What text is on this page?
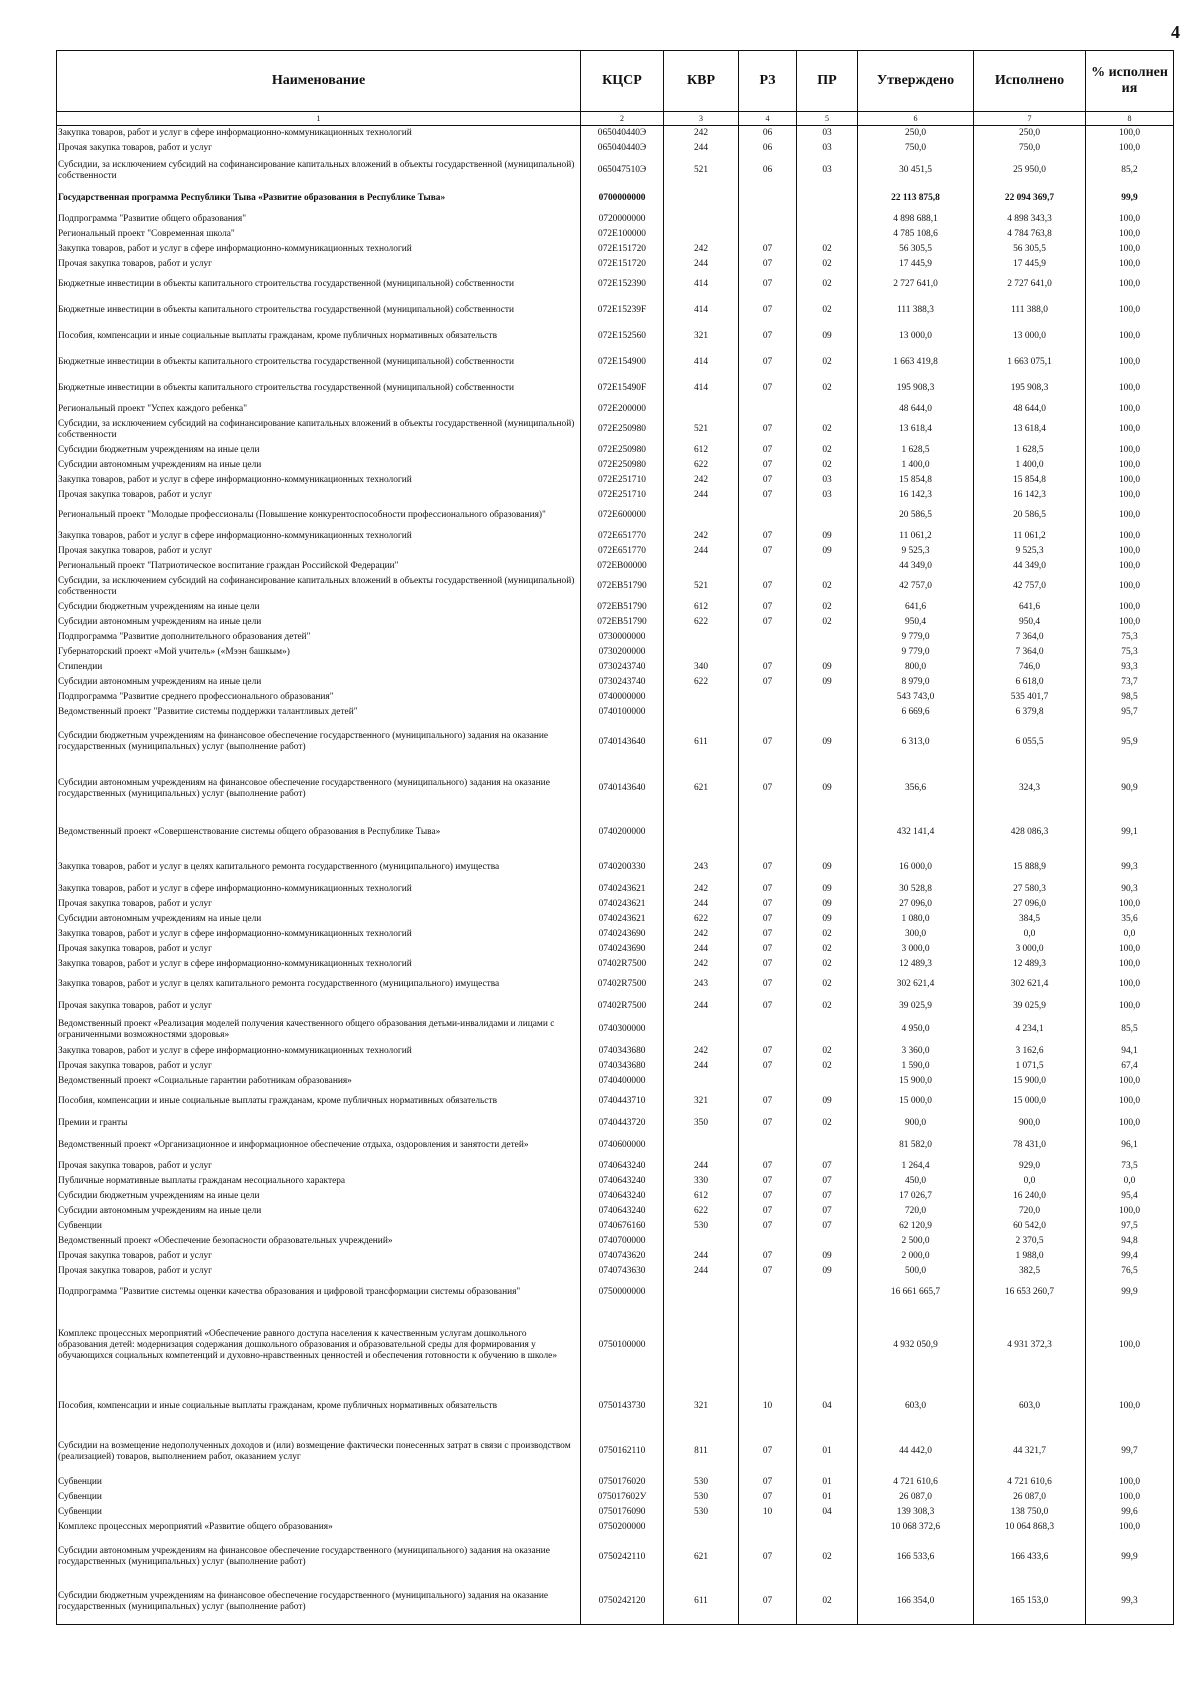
4
Наименование	КЦСР	КВР	РЗ	ПР	Утверждено	Исполнено	% исполнен ия
1	2	3	4	5	6	7	8
Закупка товаров, работ и услуг в сфере информационно-коммуникационных технологий	065040440Э	242	06	03	250,0	250,0	100,0
Прочая закупка товаров, работ и услуг	065040440Э	244	06	03	750,0	750,0	100,0
Субсидии, за исключением субсидий на софинансирование капитальных вложений в объекты государственной (муниципальной) собственности	065047510Э	521	06	03	30 451,5	25 950,0	85,2
Государственная программа Республики Тыва «Развитие образования в Республике Тыва»	0700000000				22 113 875,8	22 094 369,7	99,9
Подпрограмма "Развитие общего образования"	0720000000				4 898 688,1	4 898 343,3	100,0
Региональный проект "Современная школа"	072E100000				4 785 108,6	4 784 763,8	100,0
Закупка товаров, работ и услуг в сфере информационно-коммуникационных технологий	072E151720	242	07	02	56 305,5	56 305,5	100,0
Прочая закупка товаров, работ и услуг	072E151720	244	07	02	17 445,9	17 445,9	100,0
Бюджетные инвестиции в объекты капитального строительства государственной (муниципальной) собственности	072E152390	414	07	02	2 727 641,0	2 727 641,0	100,0
Бюджетные инвестиции в объекты капитального строительства государственной (муниципальной) собственности	072E15239F	414	07	02	111 388,3	111 388,0	100,0
Пособия, компенсации и иные социальные выплаты гражданам, кроме публичных нормативных обязательств	072E152560	321	07	09	13 000,0	13 000,0	100,0
Бюджетные инвестиции в объекты капитального строительства государственной (муниципальной) собственности	072E154900	414	07	02	1 663 419,8	1 663 075,1	100,0
Бюджетные инвестиции в объекты капитального строительства государственной (муниципальной) собственности	072E15490F	414	07	02	195 908,3	195 908,3	100,0
Региональный проект "Успех каждого ребенка"	072E200000				48 644,0	48 644,0	100,0
Субсидии, за исключением субсидий на софинансирование капитальных вложений в объекты государственной (муниципальной) собственности	072E250980	521	07	02	13 618,4	13 618,4	100,0
Субсидии бюджетным учреждениям на иные цели	072E250980	612	07	02	1 628,5	1 628,5	100,0
Субсидии автономным учреждениям на иные цели	072E250980	622	07	02	1 400,0	1 400,0	100,0
Закупка товаров, работ и услуг в сфере информационно-коммуникационных технологий	072E251710	242	07	03	15 854,8	15 854,8	100,0
Прочая закупка товаров, работ и услуг	072E251710	244	07	03	16 142,3	16 142,3	100,0
Региональный проект "Молодые профессионалы (Повышение конкурентоспособности профессионального образования)"	072E600000				20 586,5	20 586,5	100,0
Закупка товаров, работ и услуг в сфере информационно-коммуникационных технологий	072E651770	242	07	09	11 061,2	11 061,2	100,0
Прочая закупка товаров, работ и услуг	072E651770	244	07	09	9 525,3	9 525,3	100,0
Региональный проект "Патриотическое воспитание граждан Российской Федерации"	072EB00000				44 349,0	44 349,0	100,0
Субсидии, за исключением субсидий на софинансирование капитальных вложений в объекты государственной (муниципальной) собственности	072EB51790	521	07	02	42 757,0	42 757,0	100,0
Субсидии бюджетным учреждениям на иные цели	072EB51790	612	07	02	641,6	641,6	100,0
Субсидии автономным учреждениям на иные цели	072EB51790	622	07	02	950,4	950,4	100,0
Подпрограмма "Развитие дополнительного образования детей"	0730000000				9 779,0	7 364,0	75,3
Губернаторский проект «Мой учитель» («Мээн башкым»)	0730200000				9 779,0	7 364,0	75,3
Стипендии	0730243740	340	07	09	800,0	746,0	93,3
Субсидии автономным учреждениям на иные цели	0730243740	622	07	09	8 979,0	6 618,0	73,7
Подпрограмма "Развитие среднего профессионального образования"	0740000000				543 743,0	535 401,7	98,5
Ведомственный проект "Развитие системы поддержки талантливых детей"	0740100000				6 669,6	6 379,8	95,7
Субсидии бюджетным учреждениям на финансовое обеспечение государственного (муниципального) задания на оказание государственных (муниципальных) услуг (выполнение работ)	0740143640	611	07	09	6 313,0	6 055,5	95,9
Субсидии автономным учреждениям на финансовое обеспечение государственного (муниципального) задания на оказание государственных (муниципальных) услуг (выполнение работ)	0740143640	621	07	09	356,6	324,3	90,9
Ведомственный проект «Совершенствование системы общего образования в Республике Тыва»	0740200000				432 141,4	428 086,3	99,1
Закупка товаров, работ и услуг в целях капитального ремонта государственного (муниципального) имущества	0740200330	243	07	09	16 000,0	15 888,9	99,3
Закупка товаров, работ и услуг в сфере информационно-коммуникационных технологий	0740243621	242	07	09	30 528,8	27 580,3	90,3
Прочая закупка товаров, работ и услуг	0740243621	244	07	09	27 096,0	27 096,0	100,0
Субсидии автономным учреждениям на иные цели	0740243621	622	07	09	1 080,0	384,5	35,6
Закупка товаров, работ и услуг в сфере информационно-коммуникационных технологий	0740243690	242	07	02	300,0	0,0	0,0
Прочая закупка товаров, работ и услуг	0740243690	244	07	02	3 000,0	3 000,0	100,0
Закупка товаров, работ и услуг в сфере информационно-коммуникационных технологий	07402R7500	242	07	02	12 489,3	12 489,3	100,0
Закупка товаров, работ и услуг в целях капитального ремонта государственного (муниципального) имущества	07402R7500	243	07	02	302 621,4	302 621,4	100,0
Прочая закупка товаров, работ и услуг	07402R7500	244	07	02	39 025,9	39 025,9	100,0
Ведомственный проект «Реализация моделей получения качественного общего образования детьми-инвалидами и лицами с ограниченными возможностями здоровья»	0740300000				4 950,0	4 234,1	85,5
Закупка товаров, работ и услуг в сфере информационно-коммуникационных технологий	0740343680	242	07	02	3 360,0	3 162,6	94,1
Прочая закупка товаров, работ и услуг	0740343680	244	07	02	1 590,0	1 071,5	67,4
Ведомственный проект «Социальные гарантии работникам образования»	0740400000				15 900,0	15 900,0	100,0
Пособия, компенсации и иные социальные выплаты гражданам, кроме публичных нормативных обязательств	0740443710	321	07	09	15 000,0	15 000,0	100,0
Премии и гранты	0740443720	350	07	02	900,0	900,0	100,0
Ведомственный проект «Организационное и информационное обеспечение отдыха, оздоровления и занятости детей»	0740600000				81 582,0	78 431,0	96,1
Прочая закупка товаров, работ и услуг	0740643240	244	07	07	1 264,4	929,0	73,5
Публичные нормативные выплаты гражданам несоциального характера	0740643240	330	07	07	450,0	0,0	0,0
Субсидии бюджетным учреждениям на иные цели	0740643240	612	07	07	17 026,7	16 240,0	95,4
Субсидии автономным учреждениям на иные цели	0740643240	622	07	07	720,0	720,0	100,0
Субвенции	0740676160	530	07	07	62 120,9	60 542,0	97,5
Ведомственный проект «Обеспечение безопасности образовательных учреждений»	0740700000				2 500,0	2 370,5	94,8
Прочая закупка товаров, работ и услуг	0740743620	244	07	09	2 000,0	1 988,0	99,4
Прочая закупка товаров, работ и услуг	0740743630	244	07	09	500,0	382,5	76,5
Подпрограмма "Развитие системы оценки качества образования и цифровой трансформации системы образования"	0750000000				16 661 665,7	16 653 260,7	99,9
Комплекс процессных мероприятий «Обеспечение равного доступа населения к качественным услугам дошкольного образования детей: модернизация содержания дошкольного образования и образовательной среды для формирования у обучающихся социальных компетенций и духовно-нравственных ценностей и обеспечения готовности к обучению в школе»	0750100000				4 932 050,9	4 931 372,3	100,0
Пособия, компенсации и иные социальные выплаты гражданам, кроме публичных нормативных обязательств	0750143730	321	10	04	603,0	603,0	100,0
Субсидии на возмещение недополученных доходов и (или) возмещение фактически понесенных затрат в связи с производством (реализацией) товаров, выполнением работ, оказанием услуг	0750162110	811	07	01	44 442,0	44 321,7	99,7
Субвенции	0750176020	530	07	01	4 721 610,6	4 721 610,6	100,0
Субвенции	075017602У	530	07	01	26 087,0	26 087,0	100,0
Субвенции	0750176090	530	10	04	139 308,3	138 750,0	99,6
Комплекс процессных мероприятий «Развитие общего образования»	0750200000				10 068 372,6	10 064 868,3	100,0
Субсидии автономным учреждениям на финансовое обеспечение государственного (муниципального) задания на оказание государственных (муниципальных) услуг (выполнение работ)	0750242110	621	07	02	166 533,6	166 433,6	99,9
Субсидии бюджетным учреждениям на финансовое обеспечение государственного (муниципального) задания на оказание государственных (муниципальных) услуг (выполнение работ)	0750242120	611	07	02	166 354,0	165 153,0	99,3
